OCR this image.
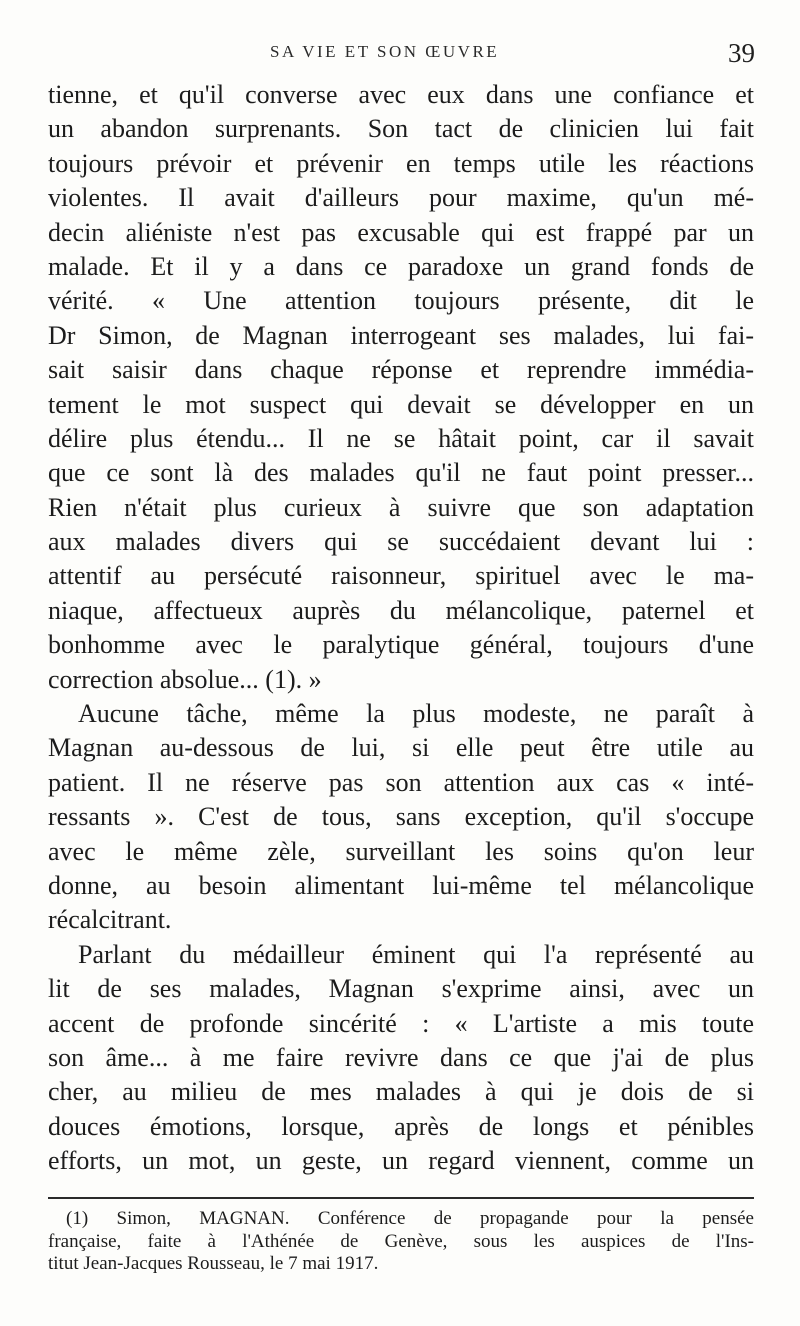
SA VIE ET SON ŒUVRE	39
tienne, et qu'il converse avec eux dans une confiance et
un abandon surprenants. Son tact de clinicien lui fait
toujours prévoir et prévenir en temps utile les réactions
violentes. Il avait d'ailleurs pour maxime, qu'un mé-
decin aliéniste n'est pas excusable qui est frappé par un
malade. Et il y a dans ce paradoxe un grand fonds de
vérité. « Une attention toujours présente, dit le
Dr Simon, de Magnan interrogeant ses malades, lui fai-
sait saisir dans chaque réponse et reprendre immédia-
tement le mot suspect qui devait se développer en un
délire plus étendu... Il ne se hâtait point, car il savait
que ce sont là des malades qu'il ne faut point presser...
Rien n'était plus curieux à suivre que son adaptation
aux malades divers qui se succédaient devant lui :
attentif au persécuté raisonneur, spirituel avec le ma-
niaque, affectueux auprès du mélancolique, paternel et
bonhomme avec le paralytique général, toujours d'une
correction absolue... (1). »
Aucune tâche, même la plus modeste, ne paraît à
Magnan au-dessous de lui, si elle peut être utile au
patient. Il ne réserve pas son attention aux cas « inté-
ressants ». C'est de tous, sans exception, qu'il s'occupe
avec le même zèle, surveillant les soins qu'on leur
donne, au besoin alimentant lui-même tel mélancolique
récalcitrant.
Parlant du médailleur éminent qui l'a représenté au
lit de ses malades, Magnan s'exprime ainsi, avec un
accent de profonde sincérité : « L'artiste a mis toute
son âme... à me faire revivre dans ce que j'ai de plus
cher, au milieu de mes malades à qui je dois de si
douces émotions, lorsque, après de longs et pénibles
efforts, un mot, un geste, un regard viennent, comme un
(1) Simon, MAGNAN. Conférence de propagande pour la pensée
française, faite à l'Athénée de Genève, sous les auspices de l'Ins-
titut Jean-Jacques Rousseau, le 7 mai 1917.
